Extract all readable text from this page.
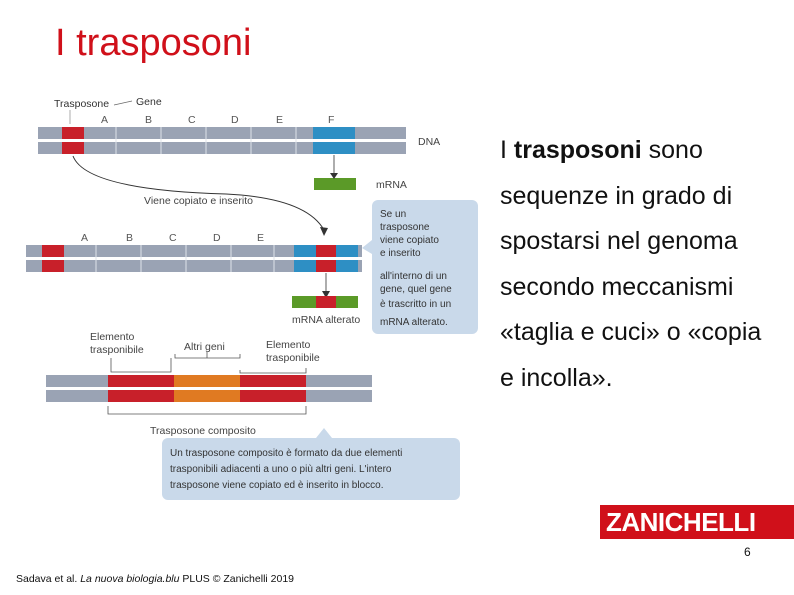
I trasposoni
Trasposone	Gene
A	B	C	D	E	F
DNA
mRNA
Viene copiato e inserito
Se un
trasposone
viene copiato
e inserito
all'interno di un
gene, quel gene
è trascritto in un
mRNA alterato.
A	B	C	D	E
mRNA alterato
Elemento
trasponibile	Altri geni	Elemento
trasponibile
Trasposone composito
Un trasposone composito è formato da due elementi
trasponibili adiacenti a uno o più altri geni. L'intero
trasposone viene copiato ed è inserito in blocco.
I trasposoni sono sequenze in grado di spostarsi nel genoma secondo meccanismi «taglia e cuci» o «copia e incolla».
ZANICHELLI
6
Sadava et al. La nuova biologia.blu PLUS © Zanichelli 2019
